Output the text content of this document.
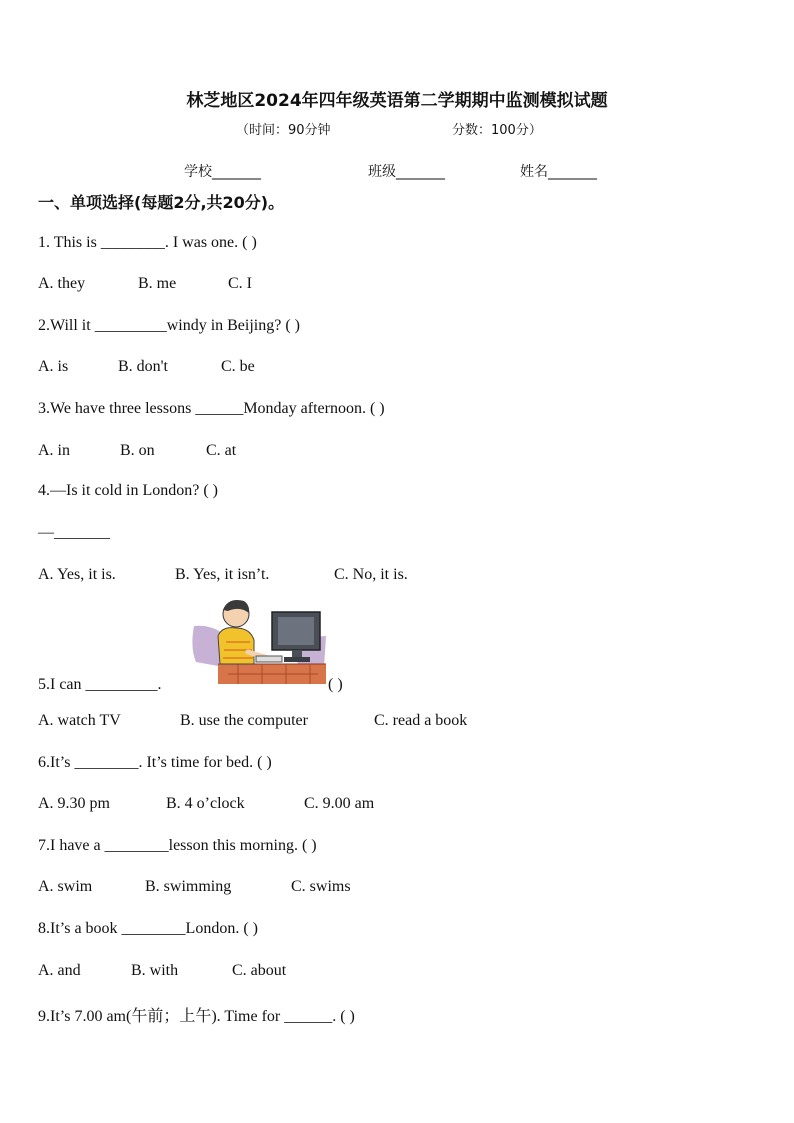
林芝地区2024年四年级英语第二学期期中监测模拟试题
（时间：90分钟	分数：100分）
学校_______	班级_______	姓名_______
一、单项选择(每题2分,共20分)。
1. This is ________. I was one. ( )
A. they	B. me	C. I
2.Will it _________windy in Beijing? ( )
A. is	B. don't	C. be
3.We have three lessons ______Monday afternoon. ( )
A. in	B. on	C. at
4.—Is it cold in London? ( )
—_______
A. Yes, it is.	B. Yes, it isn’t.	C. No, it is.
5.I can _________.	( )
A. watch TV	B. use the computer	C. read a book
6.It’s ________. It’s time for bed. ( )
A. 9.30 pm	B. 4 o’clock	C. 9.00 am
7.I have a ________lesson this morning. ( )
A. swim	B. swimming	C. swims
8.It’s a book ________London. ( )
A. and	B. with	C. about
9.It’s 7.00 am(午前；上午). Time for ______. ( )
